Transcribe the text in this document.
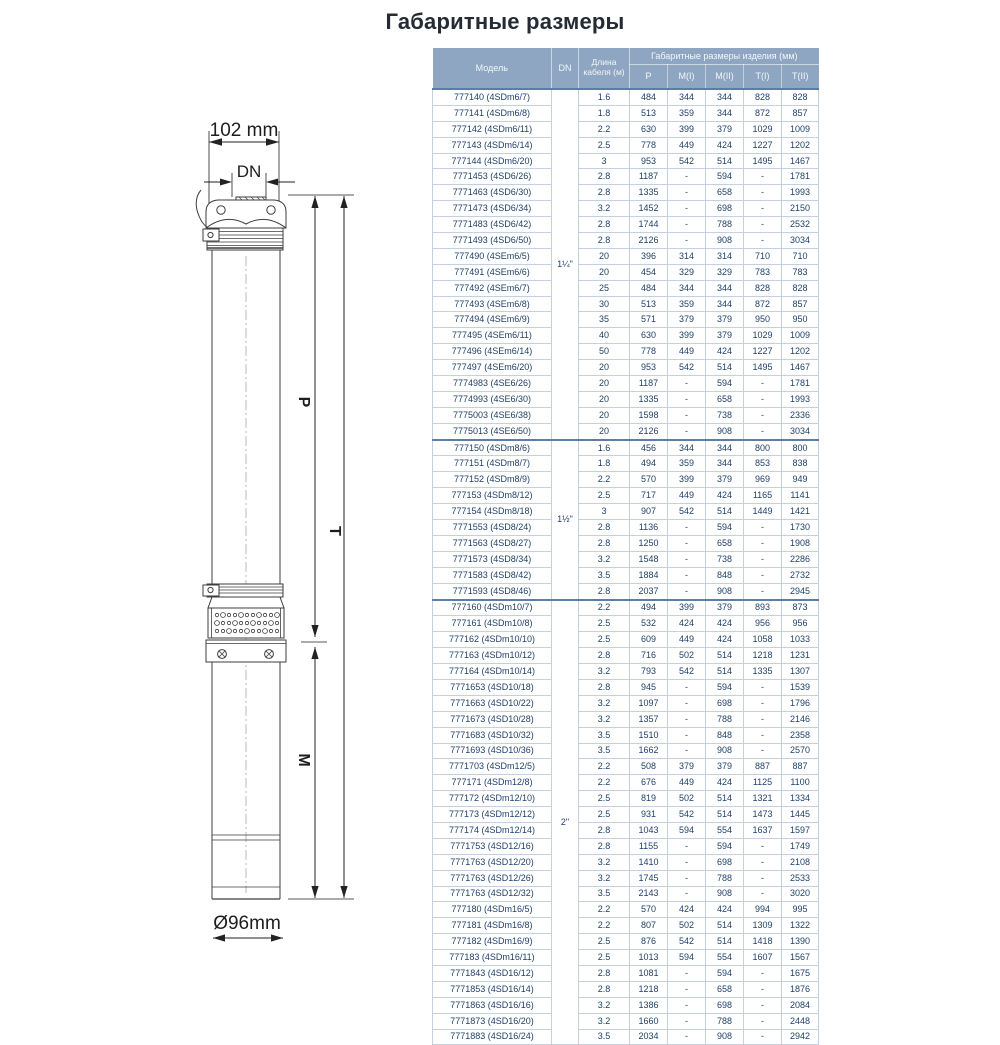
Габаритные размеры
102 mm
DN
Ø96mm
P
T
M
Модель	DN	Длина кабеля (м)	Габаритные размеры изделия (мм)				
			P	M(I)	M(II)	T(I)	T(II)
777140 (4SDm6/7)	1¼"	1.6	484	344	344	828	828
777141 (4SDm6/8)		1.8	513	359	344	872	857
777142 (4SDm6/11)		2.2	630	399	379	1029	1009
777143 (4SDm6/14)		2.5	778	449	424	1227	1202
777144 (4SDm6/20)		3	953	542	514	1495	1467
7771453 (4SD6/26)		2.8	1187	-	594	-	1781
7771463 (4SD6/30)		2.8	1335	-	658	-	1993
7771473 (4SD6/34)		3.2	1452	-	698	-	2150
7771483 (4SD6/42)		2.8	1744	-	788	-	2532
7771493 (4SD6/50)		2.8	2126	-	908	-	3034
777490 (4SEm6/5)		20	396	314	314	710	710
777491 (4SEm6/6)		20	454	329	329	783	783
777492 (4SEm6/7)		25	484	344	344	828	828
777493 (4SEm6/8)		30	513	359	344	872	857
777494 (4SEm6/9)		35	571	379	379	950	950
777495 (4SEm6/11)		40	630	399	379	1029	1009
777496 (4SEm6/14)		50	778	449	424	1227	1202
777497 (4SEm6/20)		20	953	542	514	1495	1467
7774983 (4SE6/26)		20	1187	-	594	-	1781
7774993 (4SE6/30)		20	1335	-	658	-	1993
7775003 (4SE6/38)		20	1598	-	738	-	2336
7775013 (4SE6/50)		20	2126	-	908	-	3034
777150 (4SDm8/6)	1½"	1.6	456	344	344	800	800
777151 (4SDm8/7)		1.8	494	359	344	853	838
777152 (4SDm8/9)		2.2	570	399	379	969	949
777153 (4SDm8/12)		2.5	717	449	424	1165	1141
777154 (4SDm8/18)		3	907	542	514	1449	1421
7771553 (4SD8/24)		2.8	1136	-	594	-	1730
7771563 (4SD8/27)		2.8	1250	-	658	-	1908
7771573 (4SD8/34)		3.2	1548	-	738	-	2286
7771583 (4SD8/42)		3.5	1884	-	848	-	2732
7771593 (4SD8/46)		2.8	2037	-	908	-	2945
777160 (4SDm10/7)	2"	2.2	494	399	379	893	873
777161 (4SDm10/8)		2.5	532	424	424	956	956
777162 (4SDm10/10)		2.5	609	449	424	1058	1033
777163 (4SDm10/12)		2.8	716	502	514	1218	1231
777164 (4SDm10/14)		3.2	793	542	514	1335	1307
7771653 (4SD10/18)		2.8	945	-	594	-	1539
7771663 (4SD10/22)		3.2	1097	-	698	-	1796
7771673 (4SD10/28)		3.2	1357	-	788	-	2146
7771683 (4SD10/32)		3.5	1510	-	848	-	2358
7771693 (4SD10/36)		3.5	1662	-	908	-	2570
7771703 (4SDm12/5)		2.2	508	379	379	887	887
777171 (4SDm12/8)		2.2	676	449	424	1125	1100
777172 (4SDm12/10)		2.5	819	502	514	1321	1334
777173 (4SDm12/12)		2.5	931	542	514	1473	1445
777174 (4SDm12/14)		2.8	1043	594	554	1637	1597
7771753 (4SD12/16)		2.8	1155	-	594	-	1749
7771763 (4SD12/20)		3.2	1410	-	698	-	2108
7771763 (4SD12/26)		3.2	1745	-	788	-	2533
7771763 (4SD12/32)		3.5	2143	-	908	-	3020
777180 (4SDm16/5)		2.2	570	424	424	994	995
777181 (4SDm16/8)		2.2	807	502	514	1309	1322
777182 (4SDm16/9)		2.5	876	542	514	1418	1390
777183 (4SDm16/11)		2.5	1013	594	554	1607	1567
7771843 (4SD16/12)		2.8	1081	-	594	-	1675
7771853 (4SD16/14)		2.8	1218	-	658	-	1876
7771863 (4SD16/16)		3.2	1386	-	698	-	2084
7771873 (4SD16/20)		3.2	1660	-	788	-	2448
7771883 (4SD16/24)		3.5	2034	-	908	-	2942
